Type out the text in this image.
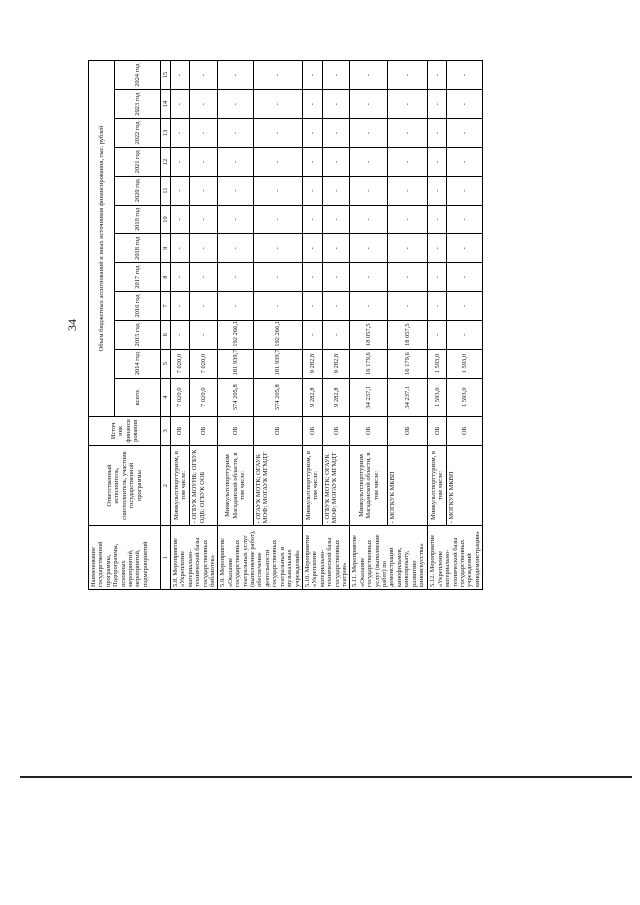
34
Наименование государственной программы, Подпрограммы, основных мероприятий, мероприятий, подмероприятий	Ответственный исполнитель, соисполнитель, участник государственной программы	Источ ник финанси рования	Объем бюджетных ассигнований и иных источников финансирования, тыс. рублей											
			всего:	2014 год	2015 год	2016 год	2017 год	2018 год	2019 год	2020 год	2021 год	2022 год	2023 год	2024 год
1	2	3	4	5	6	7	8	9	10	11	12	13	14	15
5.8. Мероприятие «Укрепление материально-технической базы государственных библиотек»	Минкультспорттуризм, в том числе:	ОБ	7 020,0	7 020,0	-	-	-	-	-	-	-	-	-	-
	- ОГБУК МОУНБ; ОГБУК ОДБ; ОГБУК ООБ	ОБ	7 020,0	7 020,0	-	-	-	-	-	-	-	-	-	-
5.9. Мероприятие «Оказание государственных театральных услуг (выполнение работ), обеспечение деятельности государственных театральных и музыкальных учреждений»	Минкультспорттуризм Магаданской области, в том числе:	ОБ	374 205,8	181 939,7	192 266,1	-	-	-	-	-	-	-	-	-
	- ОГАУК МОТК; ОГАУК МОФ; МОГАУК МГМДТ	ОБ	374 205,8	181 939,7	192 266,1	-	-	-	-	-	-	-	-	-
5.10. Мероприятие «Укрепление материально-технической базы государственных театров»	Минкультспорттуризм, в том числе:	ОБ	9 282,8	9 282,8	-	-	-	-	-	-	-	-	-	-
	- ОГБУК МОТК; ОГАУК МОФ; МОГАУК МГМДТ	ОБ	9 282,8	9 282,8	-	-	-	-	-	-	-	-	-	-
5.11. Мероприятие «Оказание государственных услуг (выполнение работ) по демонстрации кинофильмов, кинопрокату, развитию киноискусства»	Минкультспорттуризм Магаданской области, в том числе:	ОБ	34 237,1	16 179,6	18 057,5	-	-	-	-	-	-	-	-	-
	- МОГКУК МКВП	ОБ	34 237,1	16 179,6	18 057,5	-	-	-	-	-	-	-	-	-
5.12. Мероприятие «Укрепление материально-технической базы государственных учреждений кинодемонстрации»	Минкультспорттуризм, в том числе:	ОБ	1 593,0	1 593,0	-	-	-	-	-	-	-	-	-	-
	- МОГКУК МКВП	ОБ	1 593,0	1 593,0	-	-	-	-	-	-	-	-	-	-
